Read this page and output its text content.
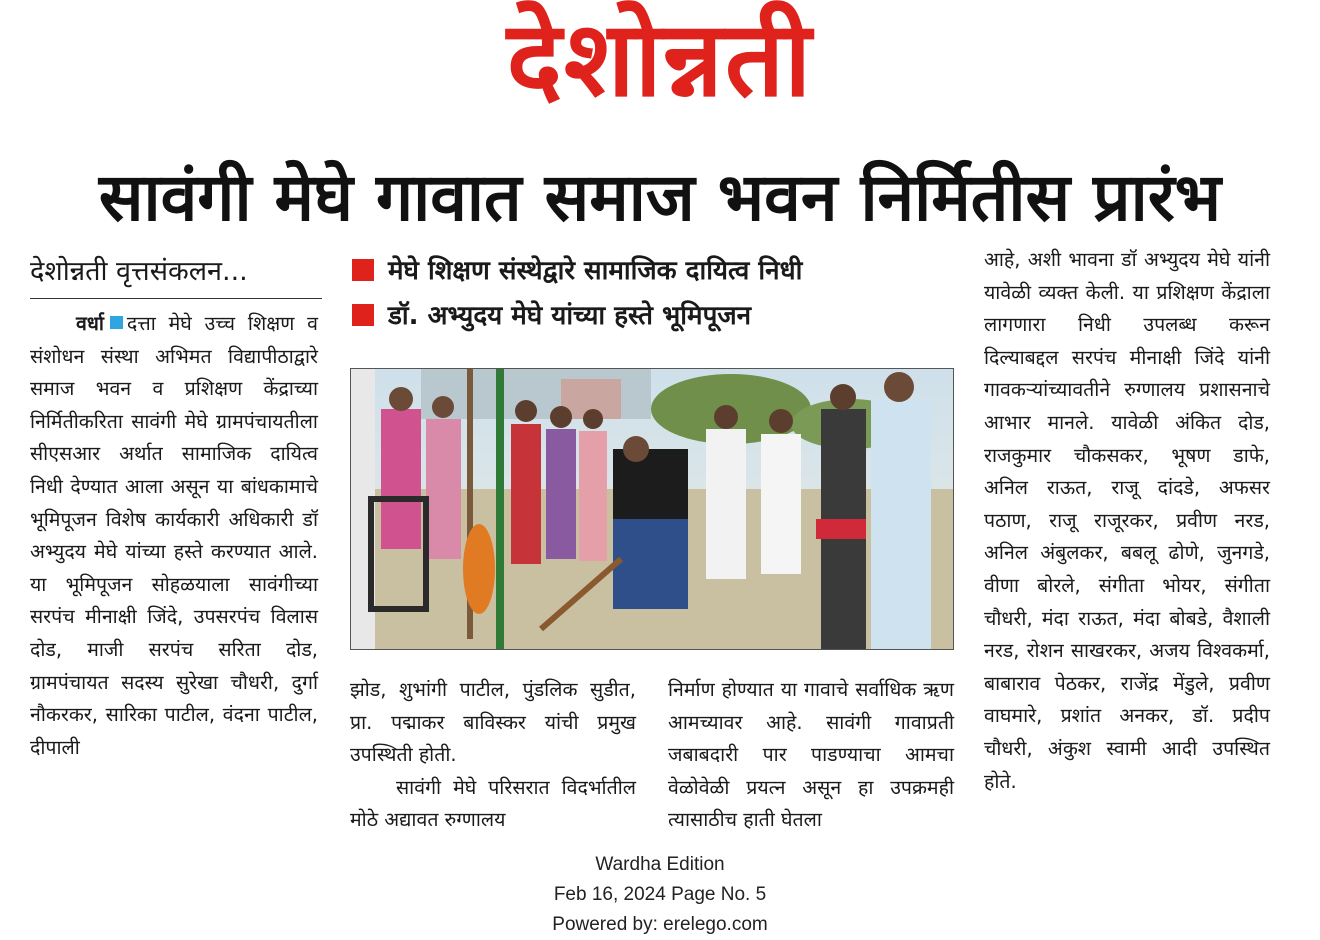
देशोन्नती
सावंगी मेघे गावात समाज भवन निर्मितीस प्रारंभ
देशोन्नती वृत्तसंकलन...

वर्धा दत्ता मेघे उच्च शिक्षण व संशोधन संस्था अभिमत विद्यापीठाद्वारे समाज भवन व प्रशिक्षण केंद्राच्या निर्मितीकरिता सावंगी मेघे ग्रामपंचायतीला सीएसआर अर्थात सामाजिक दायित्व निधी देण्यात आला असून या बांधकामाचे भूमिपूजन विशेष कार्यकारी अधिकारी डॉ अभ्युदय मेघे यांच्या हस्ते करण्यात आले. या भूमिपूजन सोहळयाला सावंगीच्या सरपंच मीनाक्षी जिंदे, उपसरपंच विलास दोड, माजी सरपंच सरिता दोड, ग्रामपंचायत सदस्य सुरेखा चौधरी, दुर्गा नौकरकर, सारिका पाटील, वंदना पाटील, दीपाली

मेघे शिक्षण संस्थेद्वारे सामाजिक दायित्व निधी
डॉ. अभ्युदय मेघे यांच्या हस्ते भूमिपूजन

झोड, शुभांगी पाटील, पुंडलिक सुडीत, प्रा. पद्माकर बाविस्कर यांची प्रमुख उपस्थिती होती.

सावंगी मेघे परिसरात विदर्भातील मोठे अद्यावत रुग्णालय

निर्माण होण्यात या गावाचे सर्वाधिक ऋण आमच्यावर आहे. सावंगी गावाप्रती जबाबदारी पार पाडण्याचा आमचा वेळोवेळी प्रयत्न असून हा उपक्रमही त्यासाठीच हाती घेतला

आहे, अशी भावना डॉ अभ्युदय मेघे यांनी यावेळी व्यक्त केली. या प्रशिक्षण केंद्राला लागणारा निधी उपलब्ध करून दिल्याबद्दल सरपंच मीनाक्षी जिंदे यांनी गावकऱ्यांच्यावतीने रुग्णालय प्रशासनाचे आभार मानले. यावेळी अंकित दोड, राजकुमार चौकसकर, भूषण डाफे, अनिल राऊत, राजू दांदडे, अफसर पठाण, राजू राजूरकर, प्रवीण नरड, अनिल अंबुलकर, बबलू ढोणे, जुनगडे, वीणा बोरले, संगीता भोयर, संगीता चौधरी, मंदा राऊत, मंदा बोबडे, वैशाली नरड, रोशन साखरकर, अजय विश्वकर्मा, बाबाराव पेठकर, राजेंद्र मेंडुले, प्रवीण वाघमारे, प्रशांत अनकर, डॉ. प्रदीप चौधरी, अंकुश स्वामी आदी उपस्थित होते.

Wardha Edition
Feb 16, 2024 Page No. 5
Powered by: erelego.com
